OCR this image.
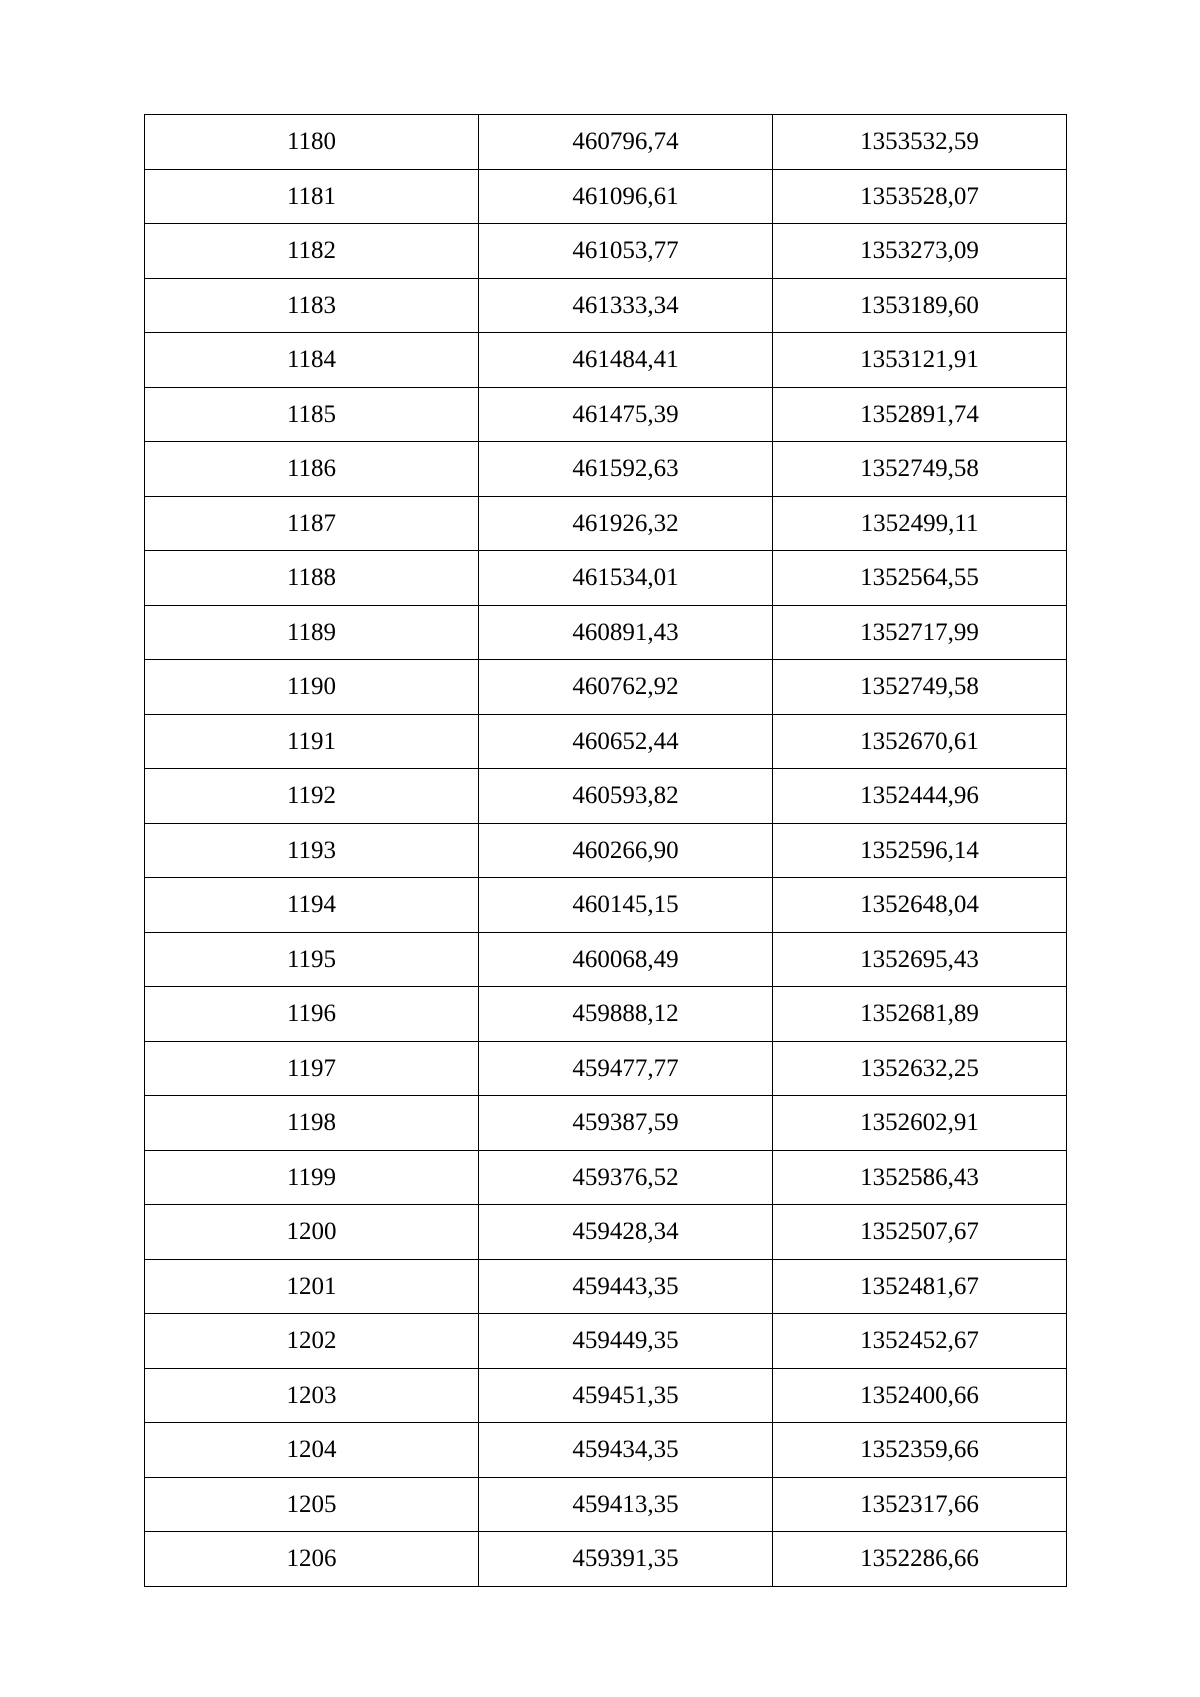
1180	460796,74	1353532,59
1181	461096,61	1353528,07
1182	461053,77	1353273,09
1183	461333,34	1353189,60
1184	461484,41	1353121,91
1185	461475,39	1352891,74
1186	461592,63	1352749,58
1187	461926,32	1352499,11
1188	461534,01	1352564,55
1189	460891,43	1352717,99
1190	460762,92	1352749,58
1191	460652,44	1352670,61
1192	460593,82	1352444,96
1193	460266,90	1352596,14
1194	460145,15	1352648,04
1195	460068,49	1352695,43
1196	459888,12	1352681,89
1197	459477,77	1352632,25
1198	459387,59	1352602,91
1199	459376,52	1352586,43
1200	459428,34	1352507,67
1201	459443,35	1352481,67
1202	459449,35	1352452,67
1203	459451,35	1352400,66
1204	459434,35	1352359,66
1205	459413,35	1352317,66
1206	459391,35	1352286,66
